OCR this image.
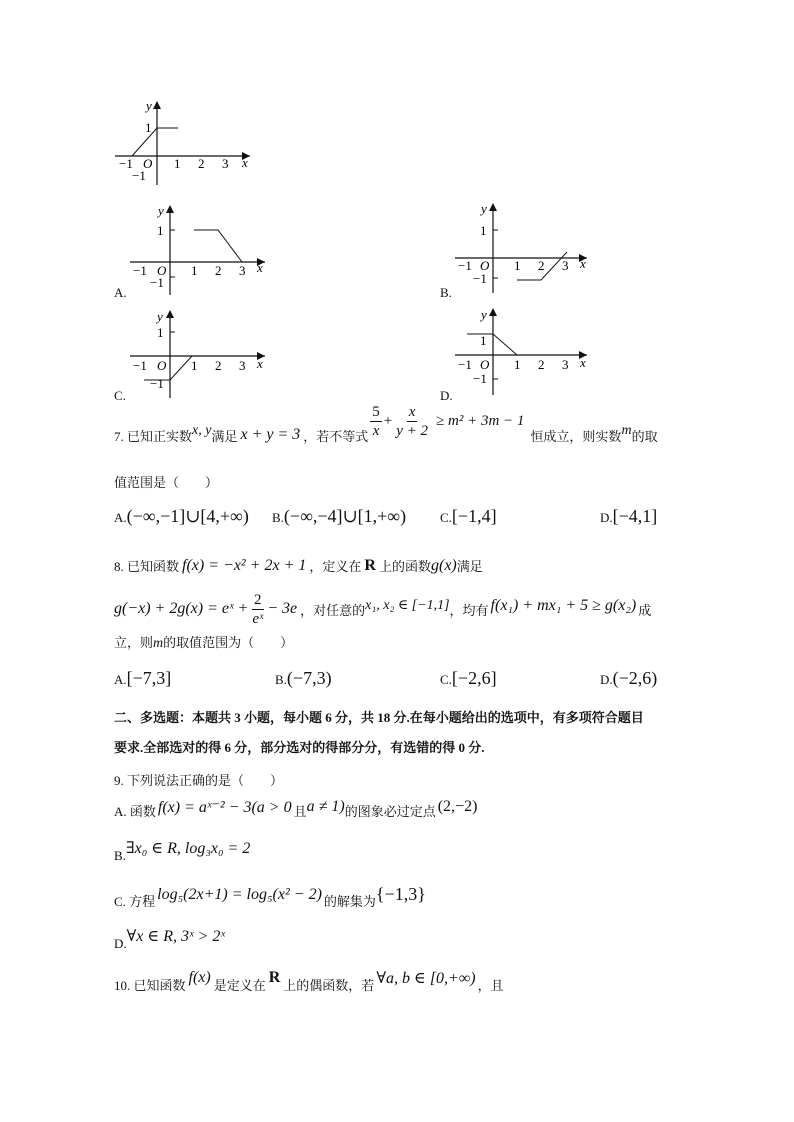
y
x
1
−1 O 1 2 3
−1
y
x
1
−1 O 1 2 3
−1
A.
y
x
1
−1 O 1 2 3
−1
B.
y
x
1
−1 O 1 2 3
−1
C.
y
x
1
−1 O 1 2 3
−1
D.
7. 已知正实数 x, y 满足 x + y = 3 ，若不等式 $\frac{5}{x} + \frac{x}{y + 2} \ge m^2 + 3m - 1$
恒成立，则实数 m 的取
值范围是（　　）
A.(−∞,−1]∪[4,+∞) B.(−∞,−4]∪[1,+∞)	C.[−1,4]	D.[−4,1]
8. 已知函数 f(x) = −x² + 2x + 1 ，定义在 R 上的函数 g(x) 满足
g(−x) + 2g(x) = eˣ + $\frac{2}{\text{eˣ}} - 3e$ ，对任意的 x₁, x₂ ∈ [−1,1] ，均有 f(x₁) + mx₁ + 5 ≥ g(x₂) 成
立，则m的取值范围为（　　）
A.[−7,3]	B.(−7,3)	C.[−2,6]	D.(−2,6)
二、多选题：本题共 3 小题，每小题 6 分，共 18 分.在每小题给出的选项中，有多项符合题目
要求.全部选对的得 6 分，部分选对的得部分分，有选错的得 0 分.
9. 下列说法正确的是（　　）
A. 函数 f(x) = aˣ⁻² − 3(a > 0 且 a ≠ 1) 的图象必过定点 (2,−2)
B. ∃x₀ ∈ R, log₃x₀ = 2
C. 方程 log₅(2x+1) = log₅(x² − 2) 的解集为 {−1,3}
D. ∀x ∈ R, 3ˣ > 2ˣ
10. 已知函数 f(x) 是定义在 R 上的偶函数，若 ∀a, b ∈ [0,+∞) ，且
